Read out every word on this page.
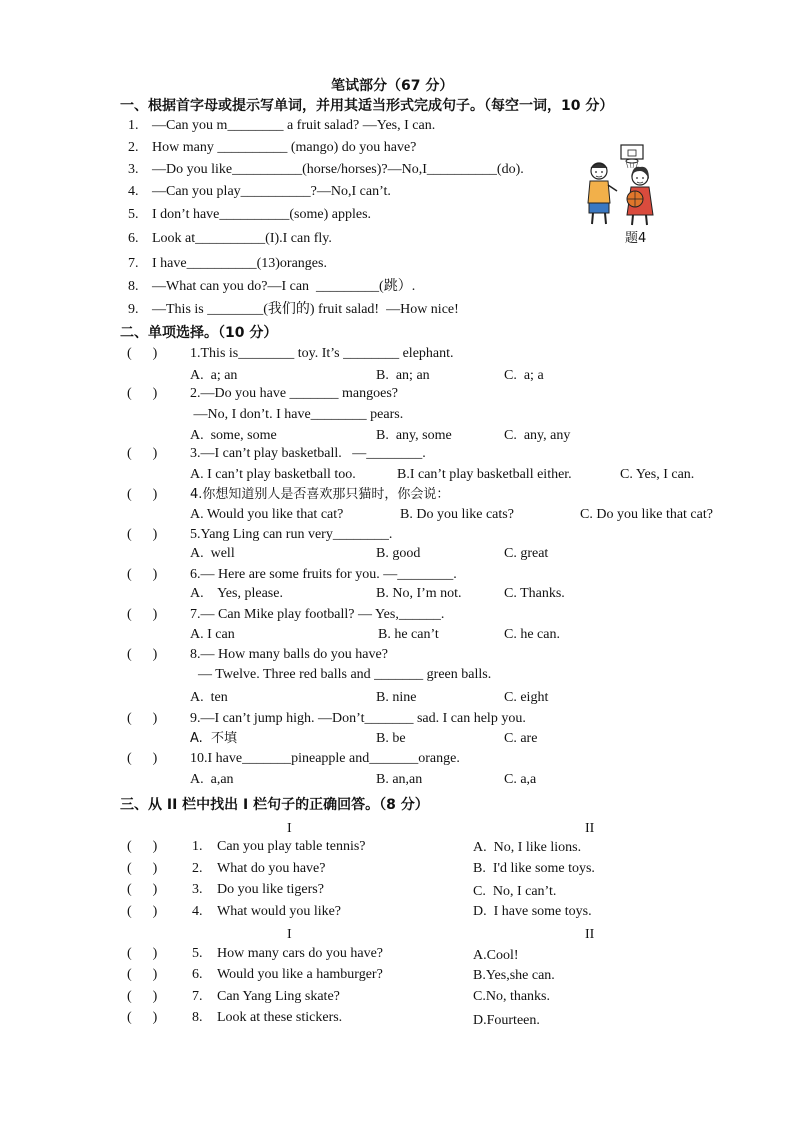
笔试部分（67 分）
一、根据首字母或提示写单词，并用其适当形式完成句子。（每空一词，10 分）
1. —Can you m________ a fruit salad? —Yes, I can.
2. How many __________ (mango) do you have?
3. —Do you like__________(horse/horses)?—No,I__________(do).
4. —Can you play__________?—No,I can’t.
5. I don’t have__________(some) apples.
6. Look at__________(I).I can fly.
7. I have__________(13)oranges.
8. —What can you do?—I can  _________(跳）.
9. —This is ________(我们的) fruit salad!  —How nice!
题4
二、单项选择。（10 分）
(      ) 1.This is________ toy. It’s ________ elephant.
A.  a; an	B.  an; an	C.  a; a
(      ) 2.—Do you have _______ mangoes?
—No, I don’t. I have________ pears.
A.  some, some	B.  any, some	C.  any, any
(      ) 3.—I can’t play basketball.   —________.
A. I can’t play basketball too.	B.I can’t play basketball either.	C. Yes, I can.
(      )	4.你想知道别人是否喜欢那只猫时，你会说：
A. Would you like that cat?	B. Do you like cats?	C. Do you like that cat?
(      ) 5.Yang Ling can run very________.
A.  well	B. good	C. great
(      ) 6.— Here are some fruits for you. —________.
A.    Yes, please.	B. No, I’m not.	C. Thanks.
(      ) 7.— Can Mike play football? — Yes,______.
A. I can	B. he can’t	C. he can.
(      ) 8.— How many balls do you have?
— Twelve. Three red balls and _______ green balls.
A.  ten	B. nine	C. eight
(      ) 9.—I can’t jump high. —Don’t_______ sad. I can help you.
A.  不填	B. be	C. are
(      ) 10.I have_______pineapple and_______orange.
A.  a,an	B. an,an	C. a,a
三、从 II 栏中找出 I 栏句子的正确回答。（8 分）
I	II
(      ) 1. Can you play table tennis?	A.  No, I like lions.
(      ) 2. What do you have?	B.  I'd like some toys.
(      ) 3. Do you like tigers?	C.  No, I can’t.
(      ) 4. What would you like?	D.  I have some toys.
I	II
(      ) 5. How many cars do you have?	A.Cool!
(      ) 6. Would you like a hamburger?	B.Yes,she can.
(      ) 7. Can Yang Ling skate?	C.No, thanks.
(      ) 8. Look at these stickers.	D.Fourteen.
